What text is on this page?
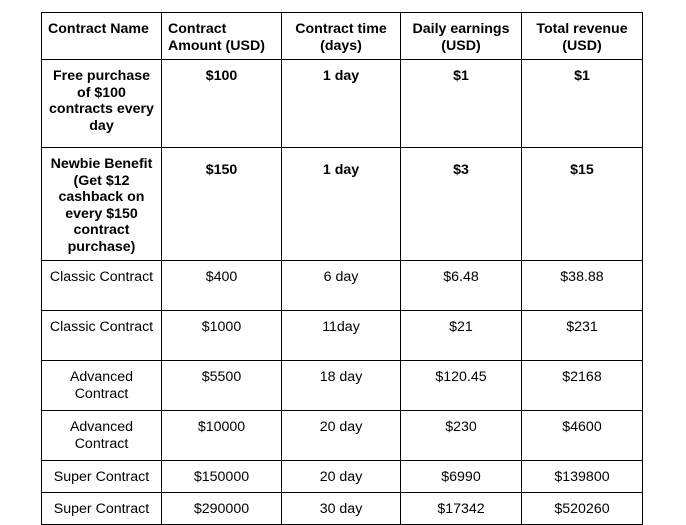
Contract Name	Contract Amount (USD)	Contract time (days)	Daily earnings (USD)	Total revenue (USD)
Free purchase of $100 contracts every day	$100	1 day	$1	$1
Newbie Benefit (Get $12 cashback on every $150 contract purchase)	$150	1 day	$3	$15
Classic Contract	$400	6 day	$6.48	$38.88
Classic Contract	$1000	11day	$21	$231
Advanced Contract	$5500	18 day	$120.45	$2168
Advanced Contract	$10000	20 day	$230	$4600
Super Contract	$150000	20 day	$6990	$139800
Super Contract	$290000	30 day	$17342	$520260
